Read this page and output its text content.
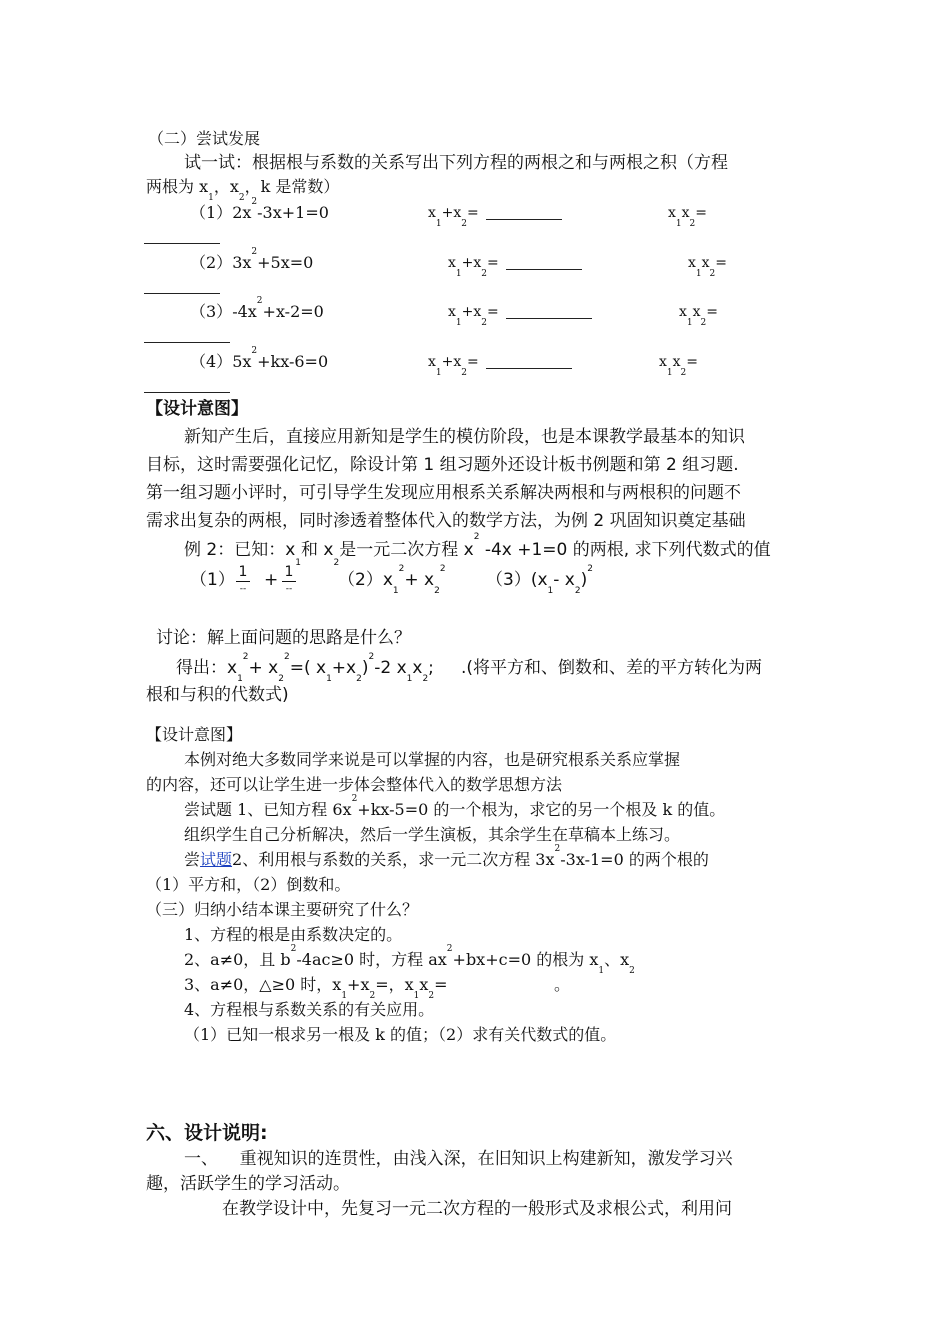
（二）尝试发展
试一试：根据根与系数的关系写出下列方程的两根之和与两根之积（方程
两根为 x1，x2，k 是常数）
$(1)2x^2-3x+1=0$	x1+x2=	x1x2=
$(2)3x^2+5x=0$	x1+x2=	x1x2=
$(3)-4x^2+x-2=0$	x1+x2=	x1x2=
$(4)5x^2+kx-6=0$	x1+x2=	x1x2=
【设计意图】
新知产生后，直接应用新知是学生的模仿阶段，也是本课教学最基本的知识
目标，这时需要强化记忆，除设计第 1 组习题外还设计板书例题和第 2 组习题.
第一组习题小评时，可引导学生发现应用根系关系解决两根和与两根积的问题不
需求出复杂的两根，同时渗透着整体代入的数学方法，为例 2 巩固知识奠定基础
例 2：已知：x1和 x2是一元二次方程 $x^2$ -4x +1=0 的两根, 求下列代数式的值
（1） 1
-- + 1
--	$(2)x1^2+ x2^2$
（3）(x1- x2)$^2$
讨论：解上面问题的思路是什么？
得出：$x1^2+ x2^2=$( x1+x2)$^2$-2 x1x2; .(将平方和、倒数和、差的平方转化为两
根和与积的代数式)
【设计意图】
本例对绝大多数同学来说是可以掌握的内容，也是研究根系关系应掌握
的内容，还可以让学生进一步体会整体代入的数学思想方法
尝试题 1、已知方程 $6x^2+kx-5=0$ 的一个根为，求它的另一个根及 k 的值。
组织学生自己分析解决，然后一学生演板，其余学生在草稿本上练习。
尝试题2、利用根与系数的关系，求一元二次方程 $3x^2-3x-1=0$ 的两个根的
（1）平方和，（2）倒数和。
（三）归纳小结本课主要研究了什么？
1、方程的根是由系数决定的。
2、a≠0，且 $b^2-4ac\ge 0$ 时，方程 $ax^2+bx+c=0$ 的根为 x1、x2
3、a≠0，△≥0 时，x1+x2=，x1x2=	。
4、方程根与系数关系的有关应用。
（1）已知一根求另一根及 k 的值；（2）求有关代数式的值。
六、设计说明:
一、 重视知识的连贯性，由浅入深，在旧知识上构建新知，激发学习兴
趣，活跃学生的学习活动。
在教学设计中，先复习一元二次方程的一般形式及求根公式，利用问
